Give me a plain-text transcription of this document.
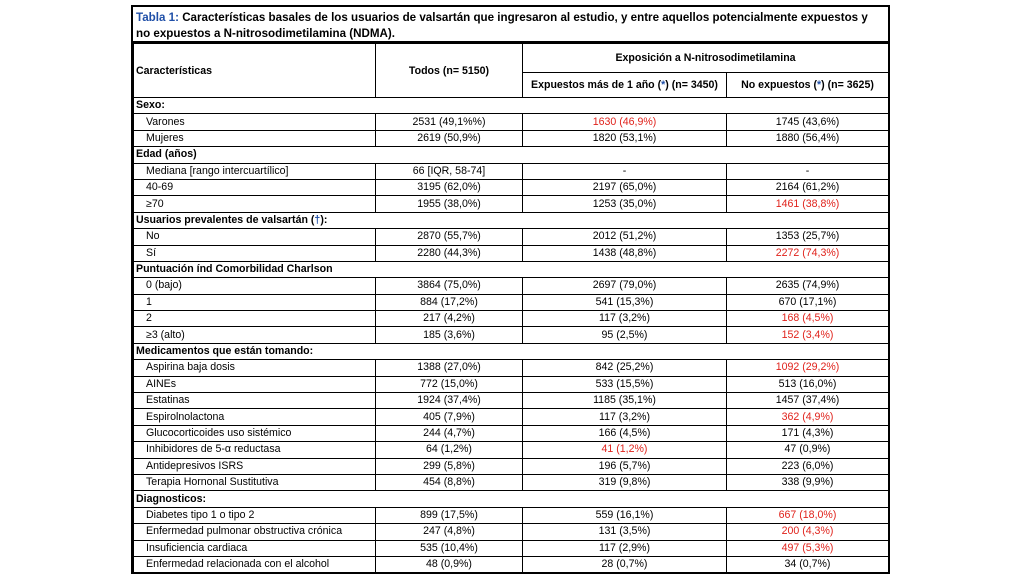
Tabla 1: Características basales de los usuarios de valsartán que ingresaron al estudio, y entre aquellos potencialmente expuestos y no expuestos a N-nitrosodimetilamina (NDMA).
Características	Todos (n= 5150)	Exposición a N-nitrosodimetilamina	
		Expuestos más de 1 año (*) (n= 3450)	No expuestos (*) (n= 3625)
Sexo:			
Varones	2531 (49,1%%)	1630 (46,9%)	1745 (43,6%)
Mujeres	2619 (50,9%)	1820 (53,1%)	1880 (56,4%)
Edad (años)			
Mediana [rango intercuartílico]	66 [IQR, 58-74]	-	-
40-69	3195 (62,0%)	2197 (65,0%)	2164 (61,2%)
≥70	1955 (38,0%)	1253 (35,0%)	1461 (38,8%)
Usuarios prevalentes de valsartán (†):			
No	2870 (55,7%)	2012 (51,2%)	1353 (25,7%)
Sí	2280 (44,3%)	1438 (48,8%)	2272 (74,3%)
Puntuación índ Comorbilidad Charlson			
0 (bajo)	3864 (75,0%)	2697 (79,0%)	2635 (74,9%)
1	884 (17,2%)	541 (15,3%)	670 (17,1%)
2	217 (4,2%)	117 (3,2%)	168 (4,5%)
≥3 (alto)	185 (3,6%)	95 (2,5%)	152 (3,4%)
Medicamentos que están tomando:			
Aspirina baja dosis	1388 (27,0%)	842 (25,2%)	1092 (29,2%)
AINEs	772 (15,0%)	533 (15,5%)	513 (16,0%)
Estatinas	1924 (37,4%)	1185 (35,1%)	1457 (37,4%)
Espirolnolactona	405 (7,9%)	117 (3,2%)	362 (4,9%)
Glucocorticoides uso sistémico	244 (4,7%)	166 (4,5%)	171 (4,3%)
Inhibidores de 5-α reductasa	64 (1,2%)	41 (1,2%)	47 (0,9%)
Antidepresivos ISRS	299 (5,8%)	196 (5,7%)	223 (6,0%)
Terapia Hornonal Sustitutiva	454 (8,8%)	319 (9,8%)	338 (9,9%)
Diagnosticos:			
Diabetes tipo 1 o tipo 2	899 (17,5%)	559 (16,1%)	667 (18,0%)
Enfermedad pulmonar obstructiva crónica	247 (4,8%)	131 (3,5%)	200 (4,3%)
Insuficiencia cardiaca	535 (10,4%)	117 (2,9%)	497 (5,3%)
Enfermedad relacionada con el alcohol	48 (0,9%)	28 (0,7%)	34 (0,7%)
